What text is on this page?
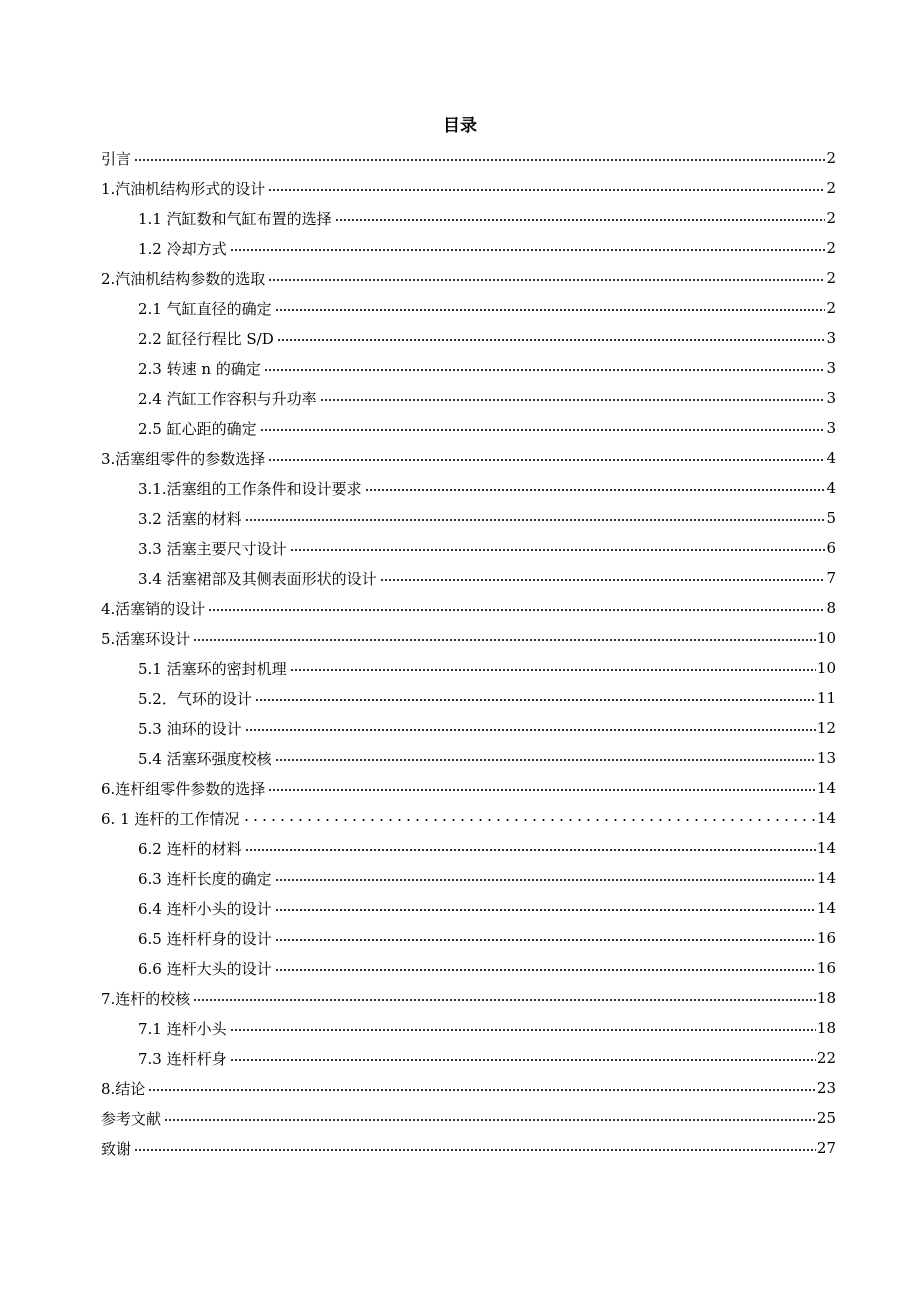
目录
引言	2
1.汽油机结构形式的设计	2
1.1 汽缸数和气缸布置的选择	2
1.2 冷却方式	2
2.汽油机结构参数的选取	2
2.1 气缸直径的确定	2
2.2 缸径行程比 S/D	3
2.3 转速 n 的确定	3
2.4 汽缸工作容积与升功率	3
2.5 缸心距的确定	3
3.活塞组零件的参数选择	4
3.1.活塞组的工作条件和设计要求	4
3.2 活塞的材料	5
3.3 活塞主要尺寸设计	6
3.4 活塞裙部及其侧表面形状的设计	7
4.活塞销的设计	8
5.活塞环设计	10
5.1 活塞环的密封机理	10
5.2．气环的设计	11
5.3 油环的设计	12
5.4 活塞环强度校核	13
6.连杆组零件参数的选择	14
6. 1 连杆的工作情况	14
6.2 连杆的材料	14
6.3 连杆长度的确定	14
6.4 连杆小头的设计	14
6.5 连杆杆身的设计	16
6.6 连杆大头的设计	16
7.连杆的校核	18
7.1 连杆小头	18
7.3 连杆杆身	22
8.结论	23
参考文献	25
致谢	27
